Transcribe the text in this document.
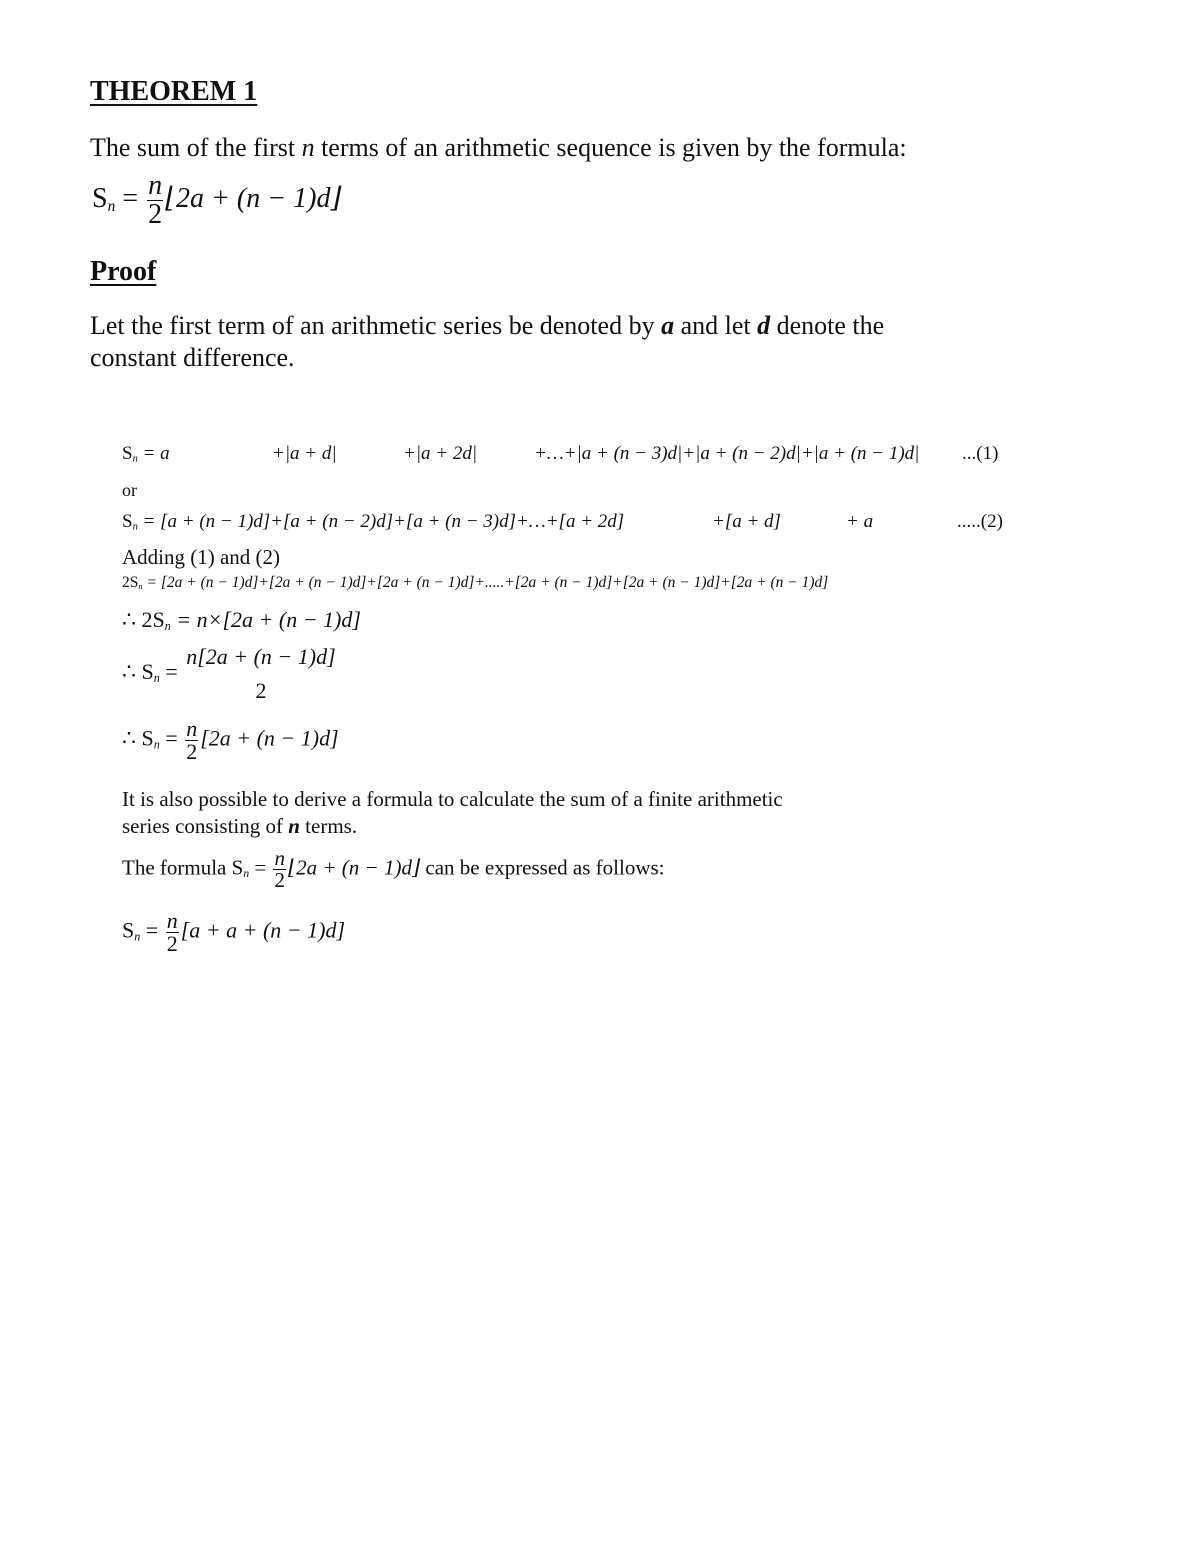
THEOREM 1
The sum of the first n terms of an arithmetic sequence is given by the formula:
$S_n = \frac{n}{2}$ ⌊2a + (n − 1)d⌋
Proof
Let the first term of an arithmetic series be denoted by a and let d denote the
constant difference.
$S_n = a$	+|a + d|	+|a + 2d|	+…+|a + (n − 3)d|+|a + (n − 2)d|+|a + (n − 1)d| ...(1)
or
$S_n = [a + (n - 1)d]+[a + (n - 2)d]+[a + (n$ − 3)d]+…+[a + 2d]	+[a + d]	+ a	.....(2)
Adding (1) and (2)
$2S_n = [2a + (n - 1)d]+[2a + (n - 1)d]+[2a + (n - 1)d]+.....+[2a + (n - 1)d]+[2a + (n - 1)d]+[2a + (n - 1)d]$
∴ $2S_n = n\times[2a + (n - 1)d]$
∴ $S_n$ =
n[2a + (n − 1)d]
2
∴ $S_n = \frac{n}{2} [2a + (n - 1)d]$
It is also possible to derive a formula to calculate the sum of a finite arithmetic
series consisting of n terms.
The formula $S_n = \frac{n}{2}$ ⌊2a + (n − 1)d⌋ can be expressed as follows:
$S_n = \frac{n}{2} [a + a + (n - 1)d]$
